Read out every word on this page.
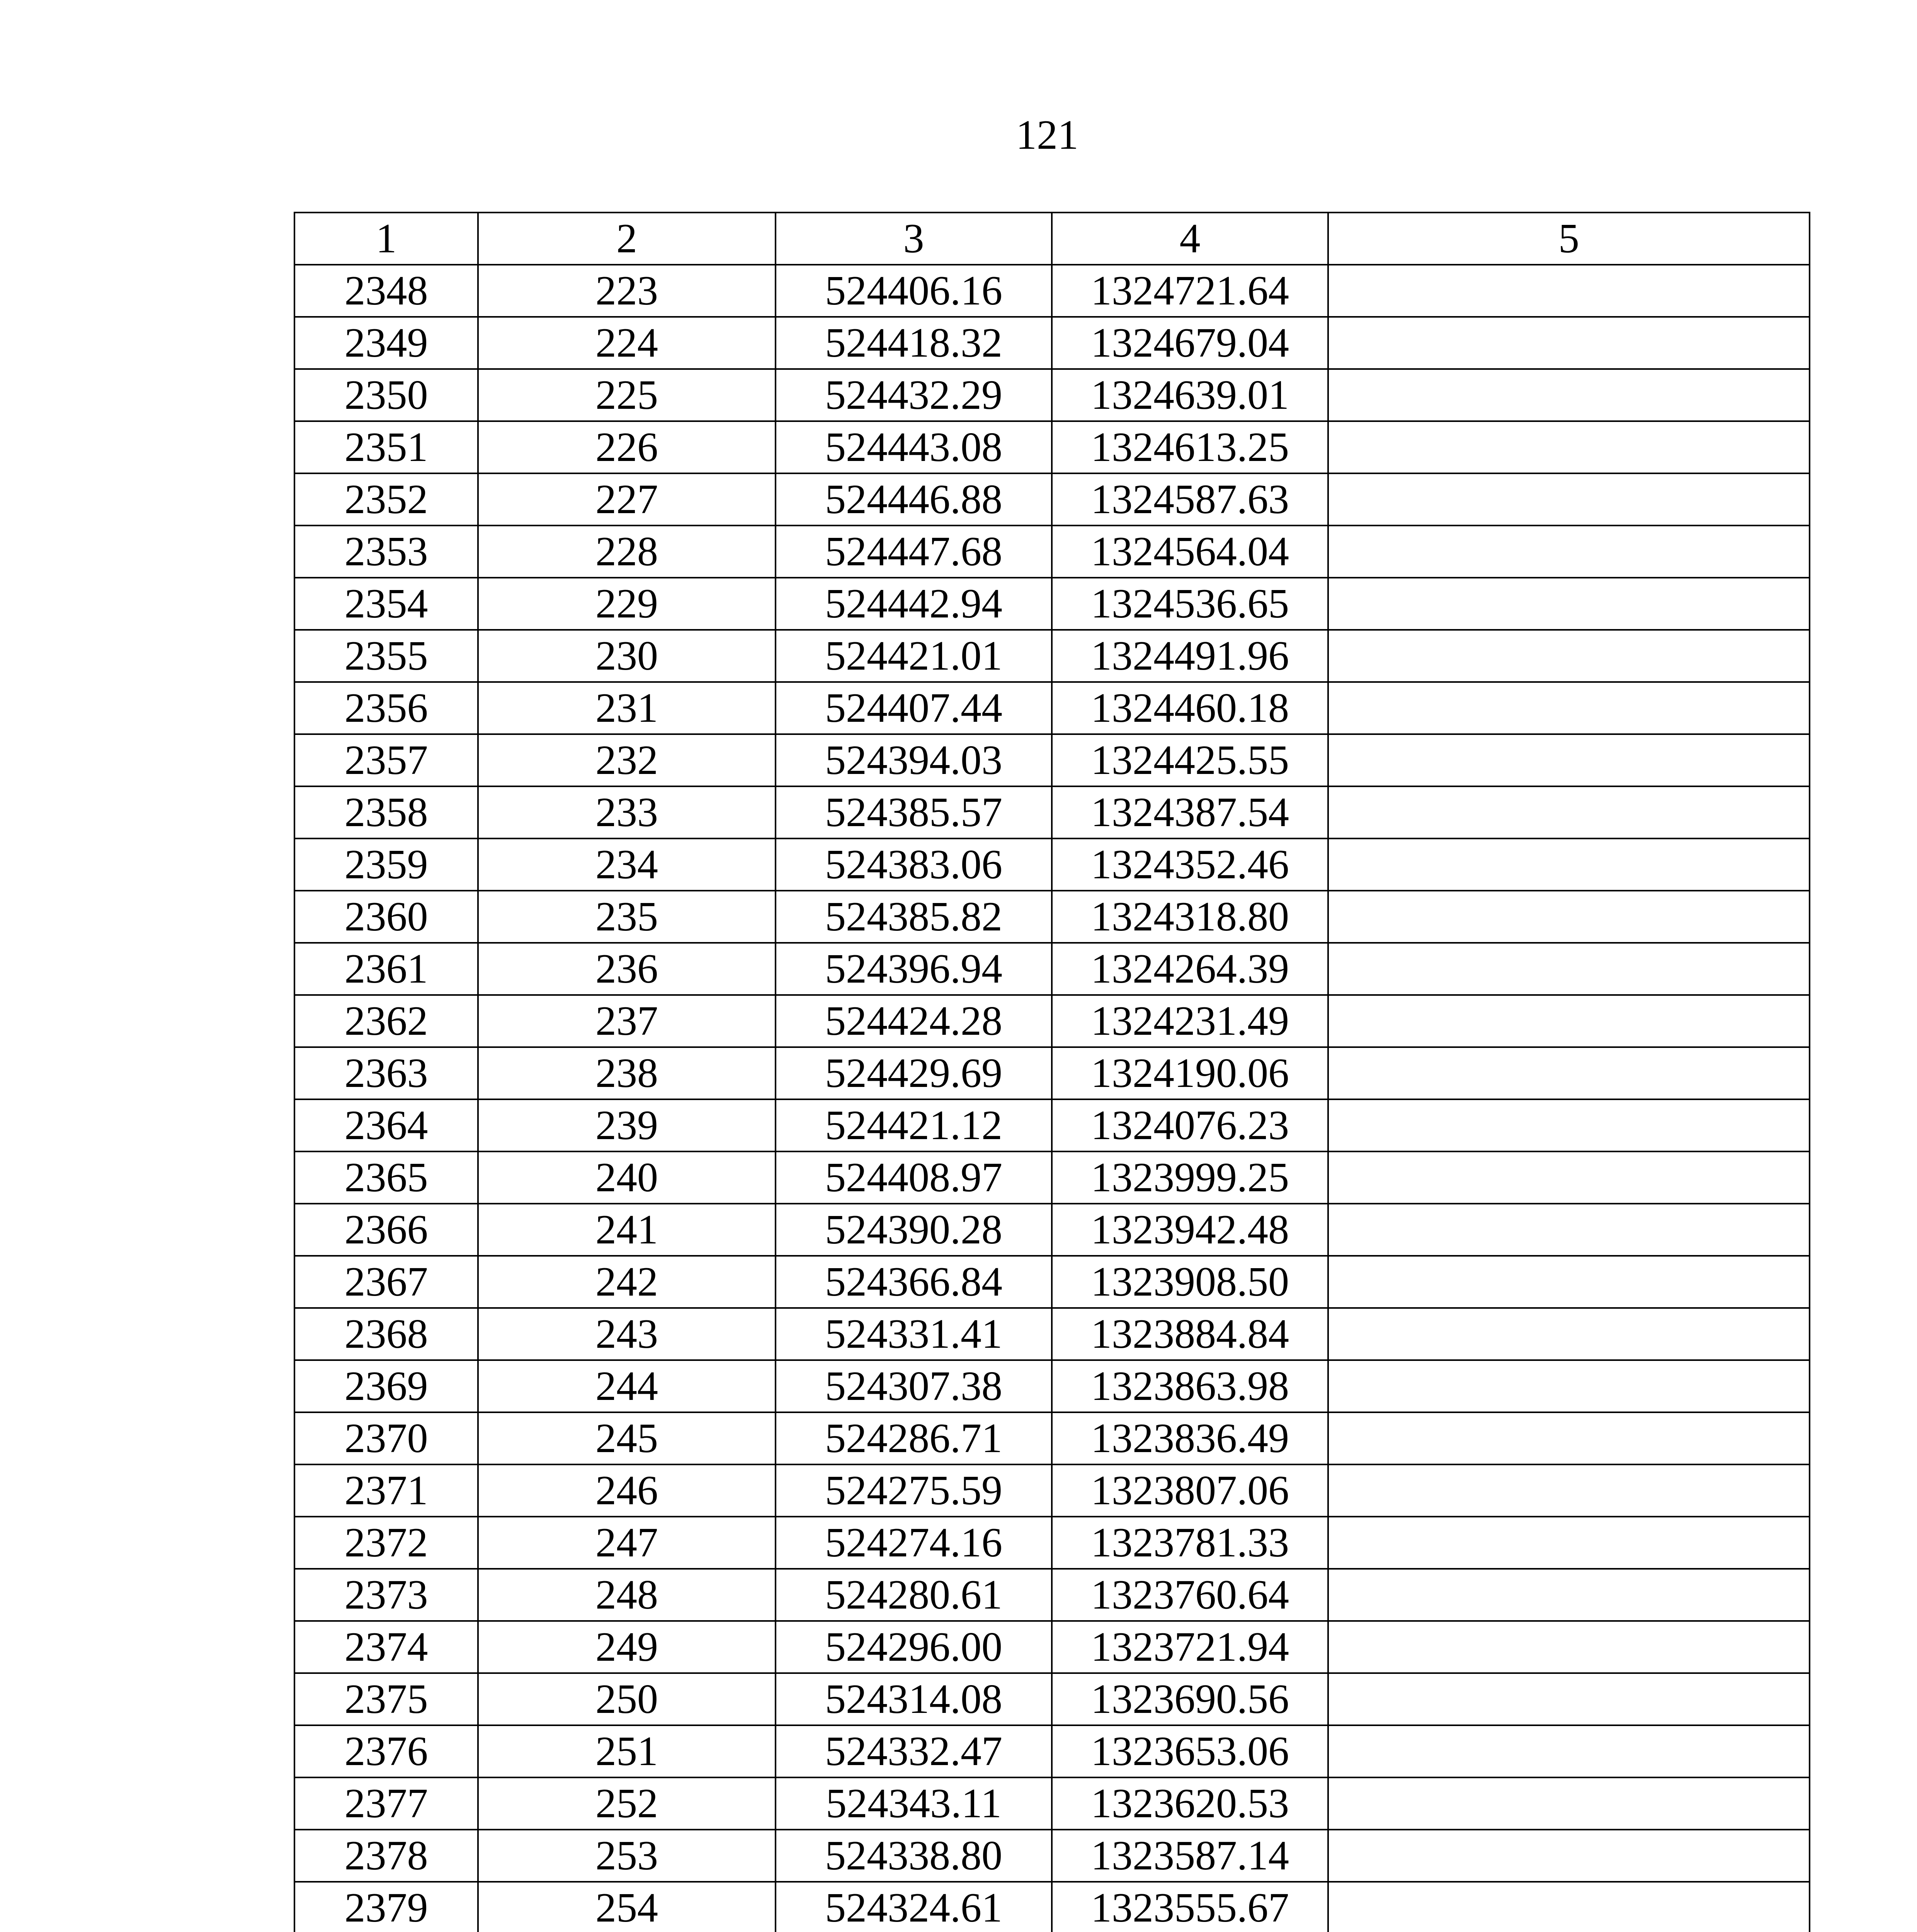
121
1	2	3	4	5
2348	223	524406.16	1324721.64	
2349	224	524418.32	1324679.04	
2350	225	524432.29	1324639.01	
2351	226	524443.08	1324613.25	
2352	227	524446.88	1324587.63	
2353	228	524447.68	1324564.04	
2354	229	524442.94	1324536.65	
2355	230	524421.01	1324491.96	
2356	231	524407.44	1324460.18	
2357	232	524394.03	1324425.55	
2358	233	524385.57	1324387.54	
2359	234	524383.06	1324352.46	
2360	235	524385.82	1324318.80	
2361	236	524396.94	1324264.39	
2362	237	524424.28	1324231.49	
2363	238	524429.69	1324190.06	
2364	239	524421.12	1324076.23	
2365	240	524408.97	1323999.25	
2366	241	524390.28	1323942.48	
2367	242	524366.84	1323908.50	
2368	243	524331.41	1323884.84	
2369	244	524307.38	1323863.98	
2370	245	524286.71	1323836.49	
2371	246	524275.59	1323807.06	
2372	247	524274.16	1323781.33	
2373	248	524280.61	1323760.64	
2374	249	524296.00	1323721.94	
2375	250	524314.08	1323690.56	
2376	251	524332.47	1323653.06	
2377	252	524343.11	1323620.53	
2378	253	524338.80	1323587.14	
2379	254	524324.61	1323555.67	
